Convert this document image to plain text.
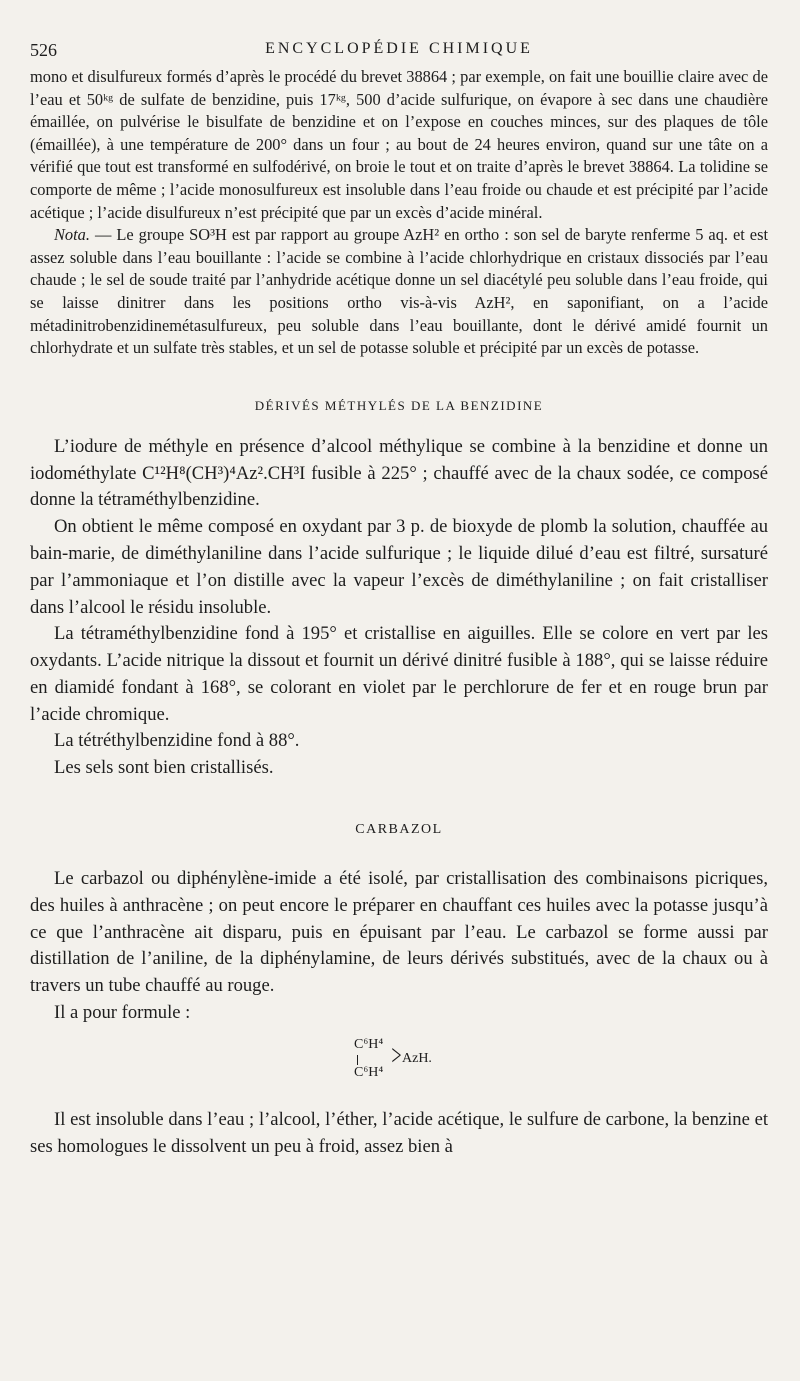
526	ENCYCLOPÉDIE CHIMIQUE

mono et disulfureux formés d’après le procédé du brevet 38864 ; par exemple, on fait une bouillie claire avec de l’eau et 50ᵏᵍ de sulfate de benzidine, puis 17ᵏᵍ, 500 d’acide sulfurique, on évapore à sec dans une chaudière émaillée, on pulvérise le bisulfate de benzidine et on l’expose en couches minces, sur des plaques de tôle (émaillée), à une température de 200° dans un four ; au bout de 24 heures environ, quand sur une tâte on a vérifié que tout est transformé en sulfodérivé, on broie le tout et on traite d’après le brevet 38864. La tolidine se comporte de même ; l’acide monosulfureux est insoluble dans l’eau froide ou chaude et est précipité par l’acide acétique ; l’acide disulfureux n’est précipité que par un excès d’acide minéral.

Nota. — Le groupe SO³H est par rapport au groupe AzH² en ortho : son sel de baryte renferme 5 aq. et est assez soluble dans l’eau bouillante : l’acide se combine à l’acide chlorhydrique en cristaux dissociés par l’eau chaude ; le sel de soude traité par l’anhydride acétique donne un sel diacétylé peu soluble dans l’eau froide, qui se laisse dinitrer dans les positions ortho vis-à-vis AzH², en saponifiant, on a l’acide métadinitrobenzidinemétasulfureux, peu soluble dans l’eau bouillante, dont le dérivé amidé fournit un chlorhydrate et un sulfate très stables, et un sel de potasse soluble et précipité par un excès de potasse.

DÉRIVÉS MÉTHYLÉS DE LA BENZIDINE

L’iodure de méthyle en présence d’alcool méthylique se combine à la benzidine et donne un iodométhylate C¹²H⁸(CH³)⁴Az².CH³I fusible à 225° ; chauffé avec de la chaux sodée, ce composé donne la tétraméthylbenzidine.

On obtient le même composé en oxydant par 3 p. de bioxyde de plomb la solution, chauffée au bain-marie, de diméthylaniline dans l’acide sulfurique ; le liquide dilué d’eau est filtré, sursaturé par l’ammoniaque et l’on distille avec la vapeur l’excès de diméthylaniline ; on fait cristalliser dans l’alcool le résidu insoluble.

La tétraméthylbenzidine fond à 195° et cristallise en aiguilles. Elle se colore en vert par les oxydants. L’acide nitrique la dissout et fournit un dérivé dinitré fusible à 188°, qui se laisse réduire en diamidé fondant à 168°, se colorant en violet par le perchlorure de fer et en rouge brun par l’acide chromique.

La tétréthylbenzidine fond à 88°.

Les sels sont bien cristallisés.

CARBAZOL

Le carbazol ou diphénylène-imide a été isolé, par cristallisation des combinaisons picriques, des huiles à anthracène ; on peut encore le préparer en chauffant ces huiles avec la potasse jusqu’à ce que l’anthracène ait disparu, puis en épuisant par l’eau. Le carbazol se forme aussi par distillation de l’aniline, de la diphénylamine, de leurs dérivés substitués, avec de la chaux ou à travers un tube chauffé au rouge.

Il a pour formule :

C⁶H⁴
C⁶H⁴
> AzH.

Il est insoluble dans l’eau ; l’alcool, l’éther, l’acide acétique, le sulfure de carbone, la benzine et ses homologues le dissolvent un peu à froid, assez bien à
